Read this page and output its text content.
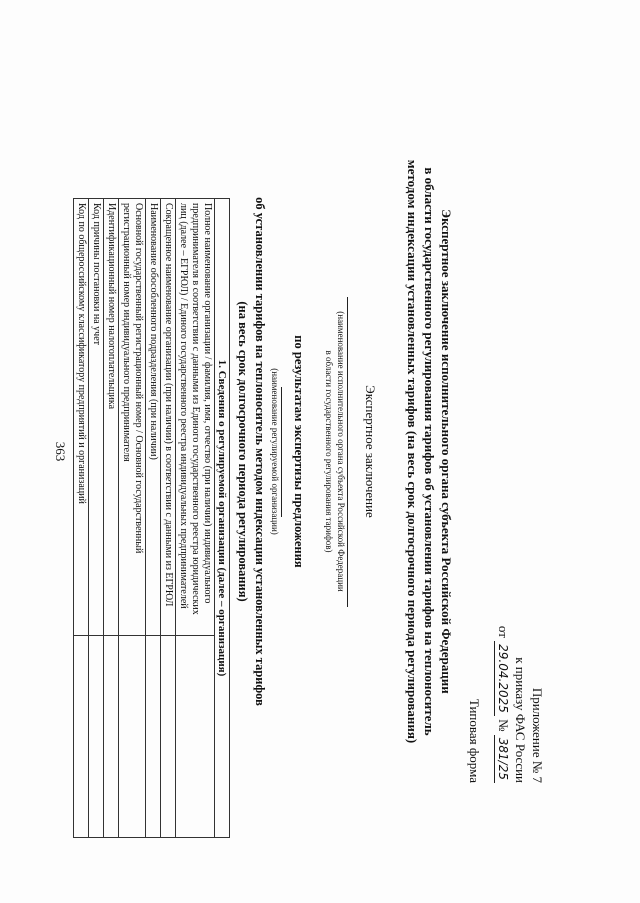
363
Приложение № 7
к приказу ФАС России
от 29.04.2025 № 381/25
Типовая форма
Экспертное заключение исполнительного органа субъекта Российской Федерации
в области государственного регулирования тарифов об установлении тарифов на теплоноситель
методом индексации установленных тарифов (на весь срок долгосрочного периода регулирования)
Экспертное заключение
(наименование исполнительного органа субъекта Российской Федерации
в области государственного регулирования тарифов)
по результатам экспертизы предложения
(наименование регулируемой организации)
об установлении тарифов на теплоноситель методом индексации установленных тарифов
(на весь срок долгосрочного периода регулирования)
1. Сведения о регулируемой организации (далее – организация)	
Полное наименование организации / фамилия, имя, отчество (при наличии) индивидуального предпринимателя в соответствии с данными из Единого государственного реестра юридических лиц (далее – ЕГРЮЛ) / Единого государственного реестра индивидуальных предпринимателей	
Сокращенное наименование организации (при наличии) в соответствии с данными из ЕГРЮЛ	
Наименование обособленного подразделения (при наличии)	
Основной государственный регистрационный номер / Основной государственный регистрационный номер индивидуального предпринимателя	
Идентификационный номер налогоплательщика	
Код причины постановки на учет	
Код по общероссийскому классификатору предприятий и организаций	
